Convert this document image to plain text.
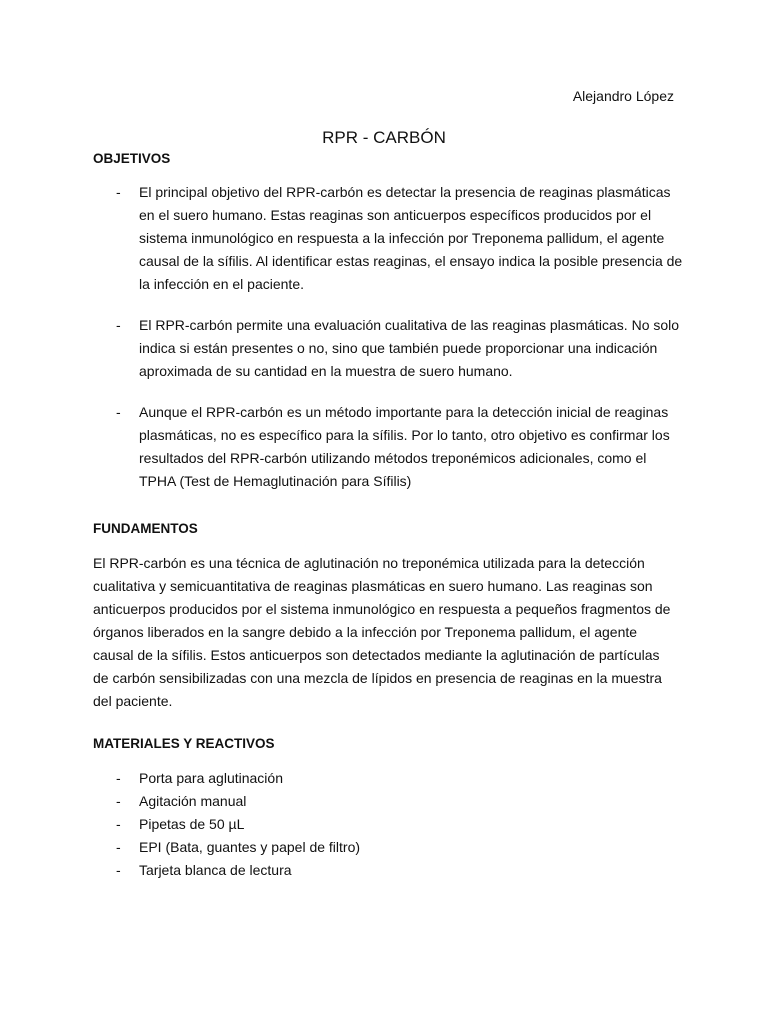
Alejandro López
RPR - CARBÓN
OBJETIVOS
- El principal objetivo del RPR-carbón es detectar la presencia de reaginas plasmáticas en el suero humano. Estas reaginas son anticuerpos específicos producidos por el sistema inmunológico en respuesta a la infección por Treponema pallidum, el agente causal de la sífilis. Al identificar estas reaginas, el ensayo indica la posible presencia de la infección en el paciente.
- El RPR-carbón permite una evaluación cualitativa de las reaginas plasmáticas. No solo indica si están presentes o no, sino que también puede proporcionar una indicación aproximada de su cantidad en la muestra de suero humano.
- Aunque el RPR-carbón es un método importante para la detección inicial de reaginas plasmáticas, no es específico para la sífilis. Por lo tanto, otro objetivo es confirmar los resultados del RPR-carbón utilizando métodos treponémicos adicionales, como el TPHA (Test de Hemaglutinación para Sífilis)
FUNDAMENTOS

El RPR-carbón es una técnica de aglutinación no treponémica utilizada para la detección cualitativa y semicuantitativa de reaginas plasmáticas en suero humano. Las reaginas son anticuerpos producidos por el sistema inmunológico en respuesta a pequeños fragmentos de órganos liberados en la sangre debido a la infección por Treponema pallidum, el agente causal de la sífilis. Estos anticuerpos son detectados mediante la aglutinación de partículas de carbón sensibilizadas con una mezcla de lípidos en presencia de reaginas en la muestra del paciente.

MATERIALES Y REACTIVOS
- Porta para aglutinación
- Agitación manual
- Pipetas de 50 µL
- EPI (Bata, guantes y papel de filtro)
- Tarjeta blanca de lectura
